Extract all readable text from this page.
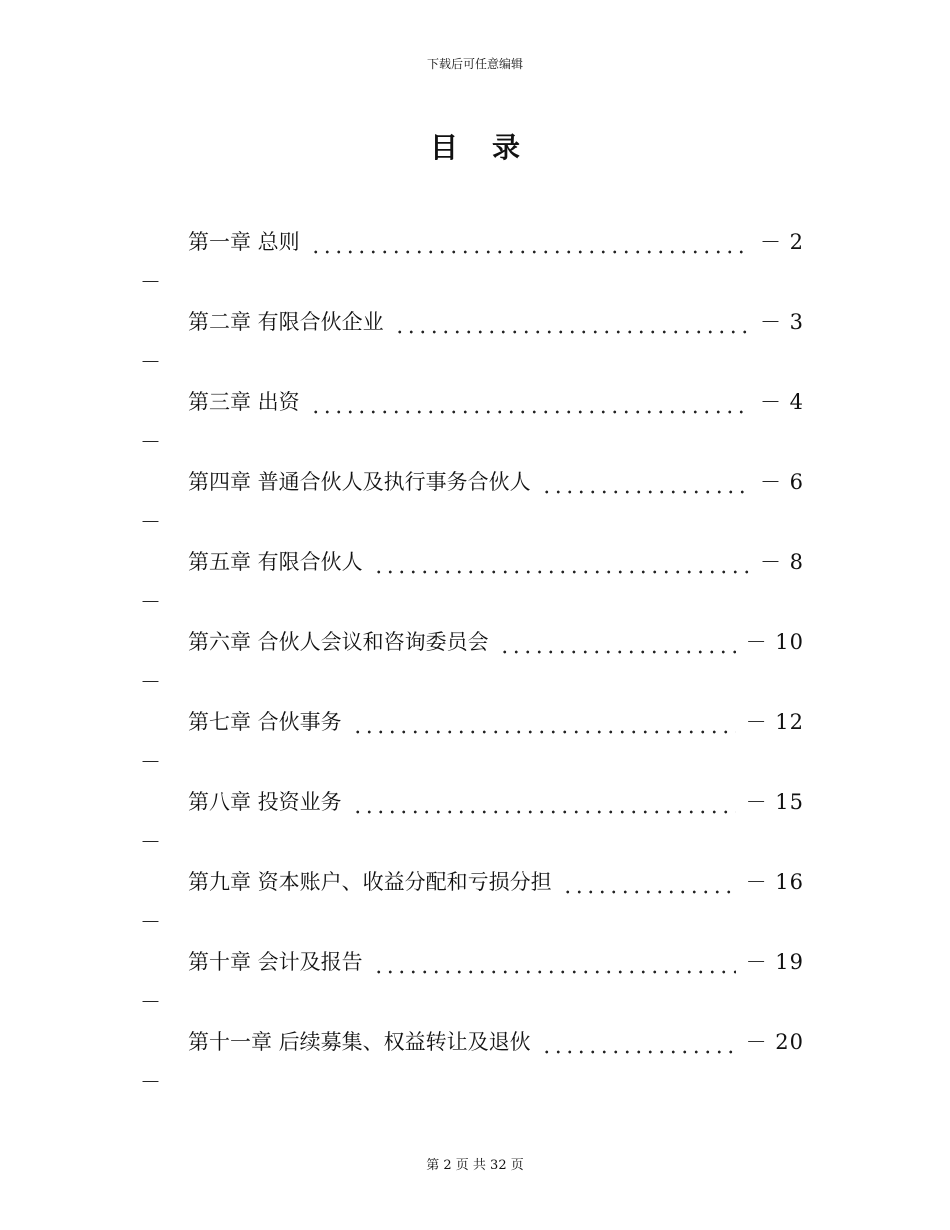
下载后可任意编辑
目录
第一章 总则	－ 2
－
第二章 有限合伙企业	－ 3
－
第三章 出资	－ 4
－
第四章 普通合伙人及执行事务合伙人	－ 6
－
第五章 有限合伙人	－ 8
－
第六章 合伙人会议和咨询委员会	－ 10
－
第七章 合伙事务	－ 12
－
第八章 投资业务	－ 15
－
第九章 资本账户、收益分配和亏损分担	－ 16
－
第十章 会计及报告	－ 19
－
第十一章 后续募集、权益转让及退伙	－ 20
－
第 2 页 共 32 页
